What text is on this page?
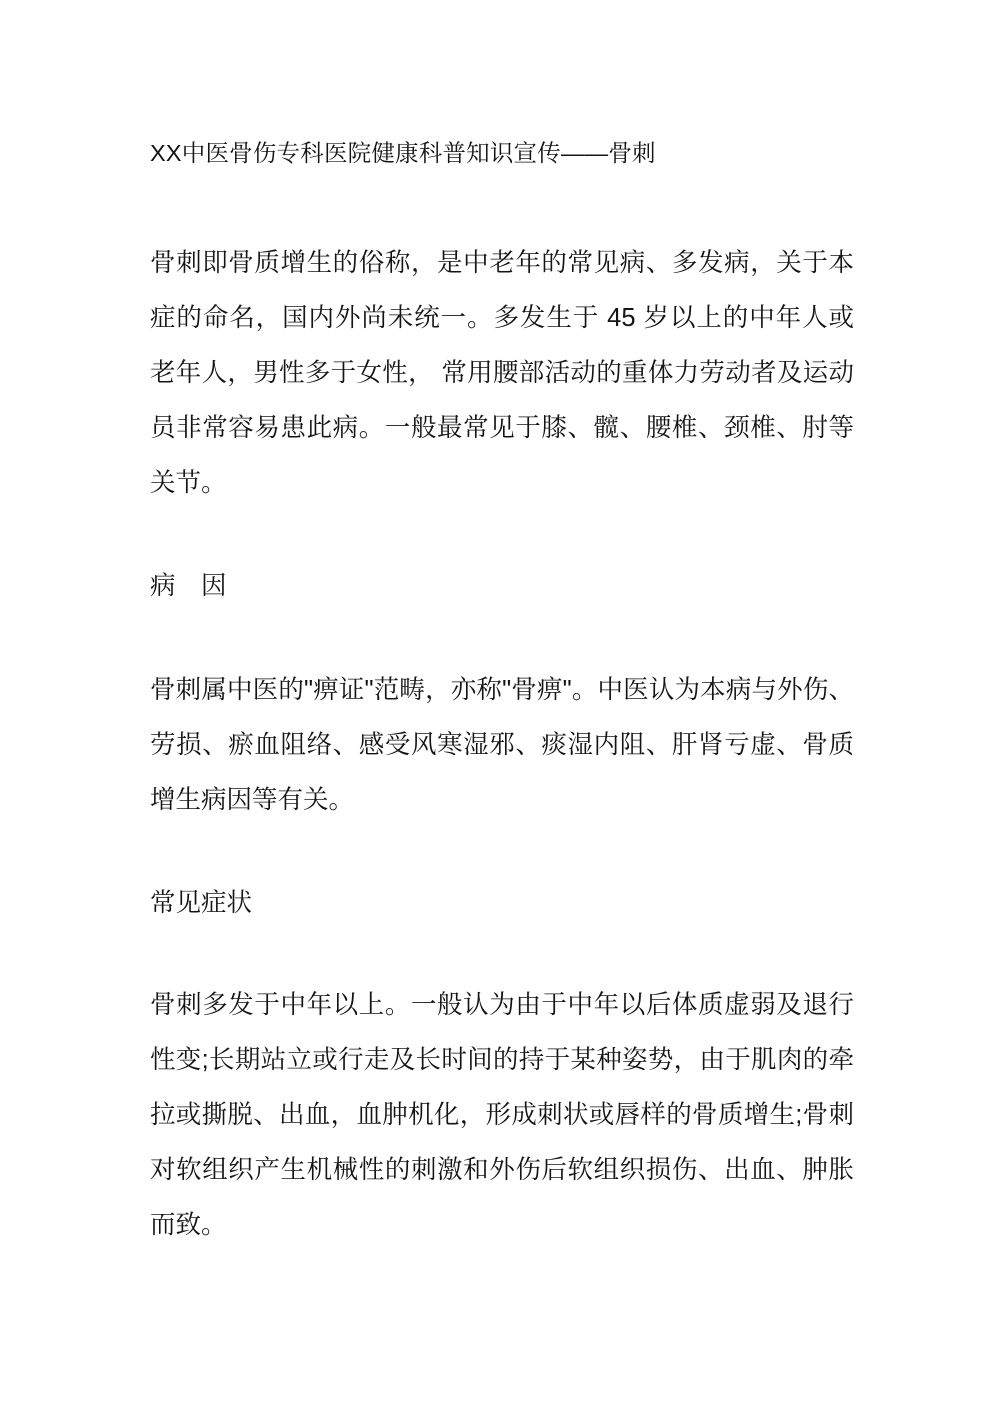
XX中医骨伤专科医院健康科普知识宣传——骨刺

骨刺即骨质增生的俗称，是中老年的常见病、多发病，关于本症的命名，国内外尚未统一。多发生于 45 岁以上的中年人或老年人，男性多于女性， 常用腰部活动的重体力劳动者及运动员非常容易患此病。一般最常见于膝、髋、腰椎、颈椎、肘等关节。

病　因

骨刺属中医的"痹证"范畴，亦称"骨痹"。中医认为本病与外伤、劳损、瘀血阻络、感受风寒湿邪、痰湿内阻、肝肾亏虚、骨质增生病因等有关。

常见症状

骨刺多发于中年以上。一般认为由于中年以后体质虚弱及退行性变;长期站立或行走及长时间的持于某种姿势，由于肌肉的牵拉或撕脱、出血，血肿机化，形成刺状或唇样的骨质增生;骨刺对软组织产生机械性的刺激和外伤后软组织损伤、出血、肿胀而致。
